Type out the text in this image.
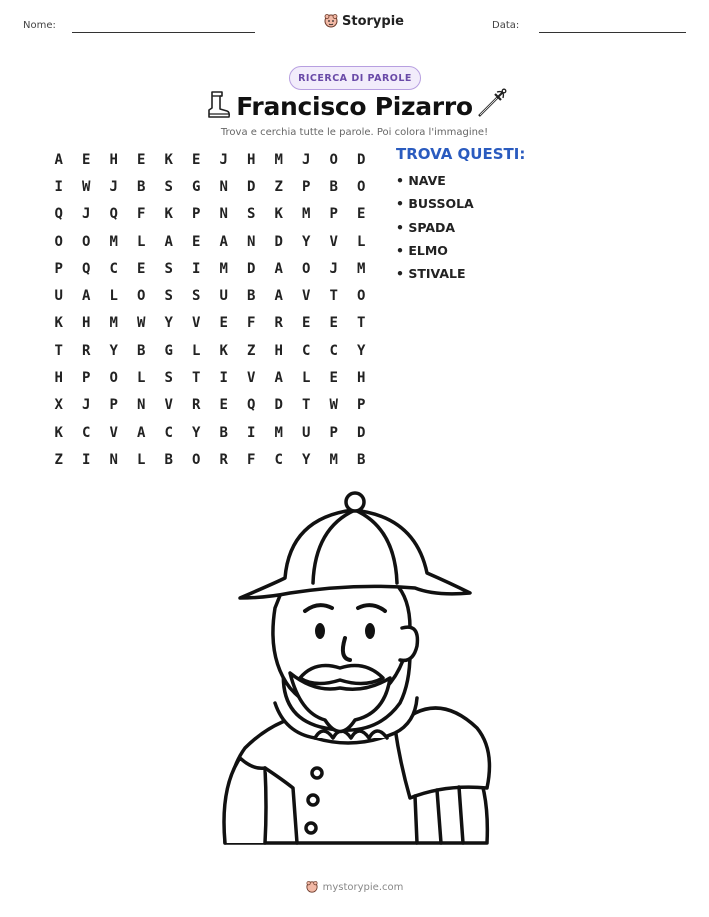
Nome:	Storypie	Data:
RICERCA DI PAROLE
Francisco Pizarro
Trova e cerchia tutte le parole. Poi colora l'immagine!
A	E	H	E	K	E	J	H	M	J	O	D
I	W	J	B	S	G	N	D	Z	P	B	O
Q	J	Q	F	K	P	N	S	K	M	P	E
O	O	M	L	A	E	A	N	D	Y	V	L
P	Q	C	E	S	I	M	D	A	O	J	M
U	A	L	O	S	S	U	B	A	V	T	O
K	H	M	W	Y	V	E	F	R	E	E	T
T	R	Y	B	G	L	K	Z	H	C	C	Y
H	P	O	L	S	T	I	V	A	L	E	H
X	J	P	N	V	R	E	Q	D	T	W	P
K	C	V	A	C	Y	B	I	M	U	P	D
Z	I	N	L	B	O	R	F	C	Y	M	B
TROVA QUESTI:
• NAVE
• BUSSOLA
• SPADA
• ELMO
• STIVALE
mystorypie.com
